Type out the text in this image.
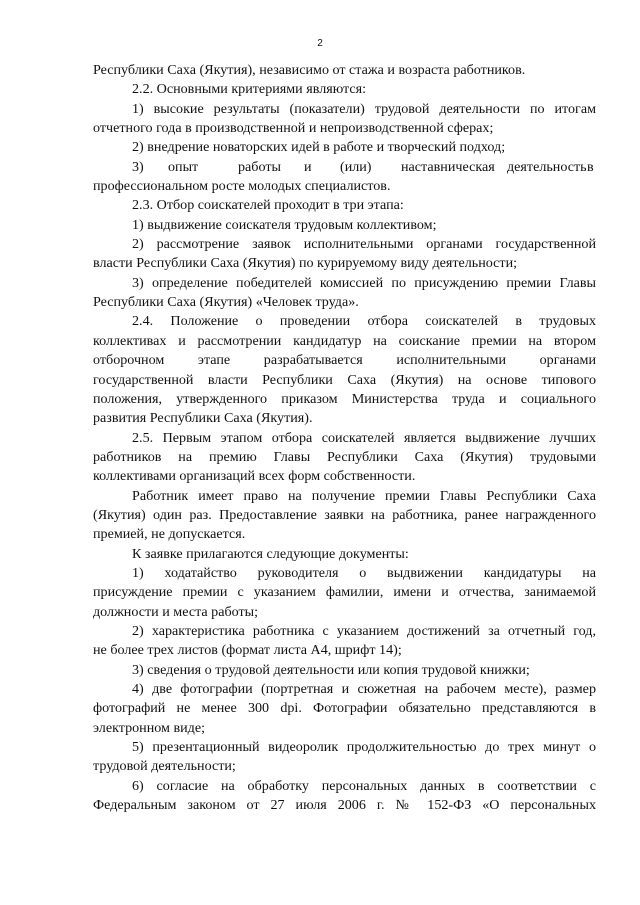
2
Республики Саха (Якутия), независимо от стажа и возраста работников.
2.2. Основными критериями являются:
1) высокие результаты (показатели) трудовой деятельности по итогам
отчетного года в производственной и непроизводственной сферах;
2) внедрение новаторских идей в работе и творческий подход;
3) опыт	работы и (или) наставническая деятельность в
профессиональном росте молодых специалистов.
2.3. Отбор соискателей проходит в три этапа:
1) выдвижение соискателя трудовым коллективом;
2) рассмотрение заявок исполнительными органами государственной
власти Республики Саха (Якутия) по курируемому виду деятельности;
3) определение победителей комиссией по присуждению премии Главы
Республики Саха (Якутия) «Человек труда».
2.4. Положение о проведении отбора соискателей в трудовых
коллективах и рассмотрении кандидатур на соискание премии на втором
отборочном этапе разрабатывается исполнительными органами
государственной власти Республики Саха (Якутия) на основе типового
положения, утвержденного приказом Министерства труда и социального
развития Республики Саха (Якутия).
2.5. Первым этапом отбора соискателей является выдвижение лучших
работников на премию Главы Республики Саха (Якутия) трудовыми
коллективами организаций всех форм собственности.
Работник имеет право на получение премии Главы Республики Саха
(Якутия) один раз. Предоставление заявки на работника, ранее награжденного
премией, не допускается.
К заявке прилагаются следующие документы:
1) ходатайство руководителя о выдвижении кандидатуры на
присуждение премии с указанием фамилии, имени и отчества, занимаемой
должности и места работы;
2) характеристика работника с указанием достижений за отчетный год,
не более трех листов (формат листа А4, шрифт 14);
3) сведения о трудовой деятельности или копия трудовой книжки;
4) две фотографии (портретная и сюжетная на рабочем месте), размер
фотографий не менее 300 dpi. Фотографии обязательно представляются в
электронном виде;
5) презентационный видеоролик продолжительностью до трех минут о
трудовой деятельности;
6) согласие на обработку персональных данных в соответствии с
Федеральным законом от 27 июля 2006 г. № 152-ФЗ «О персональных
